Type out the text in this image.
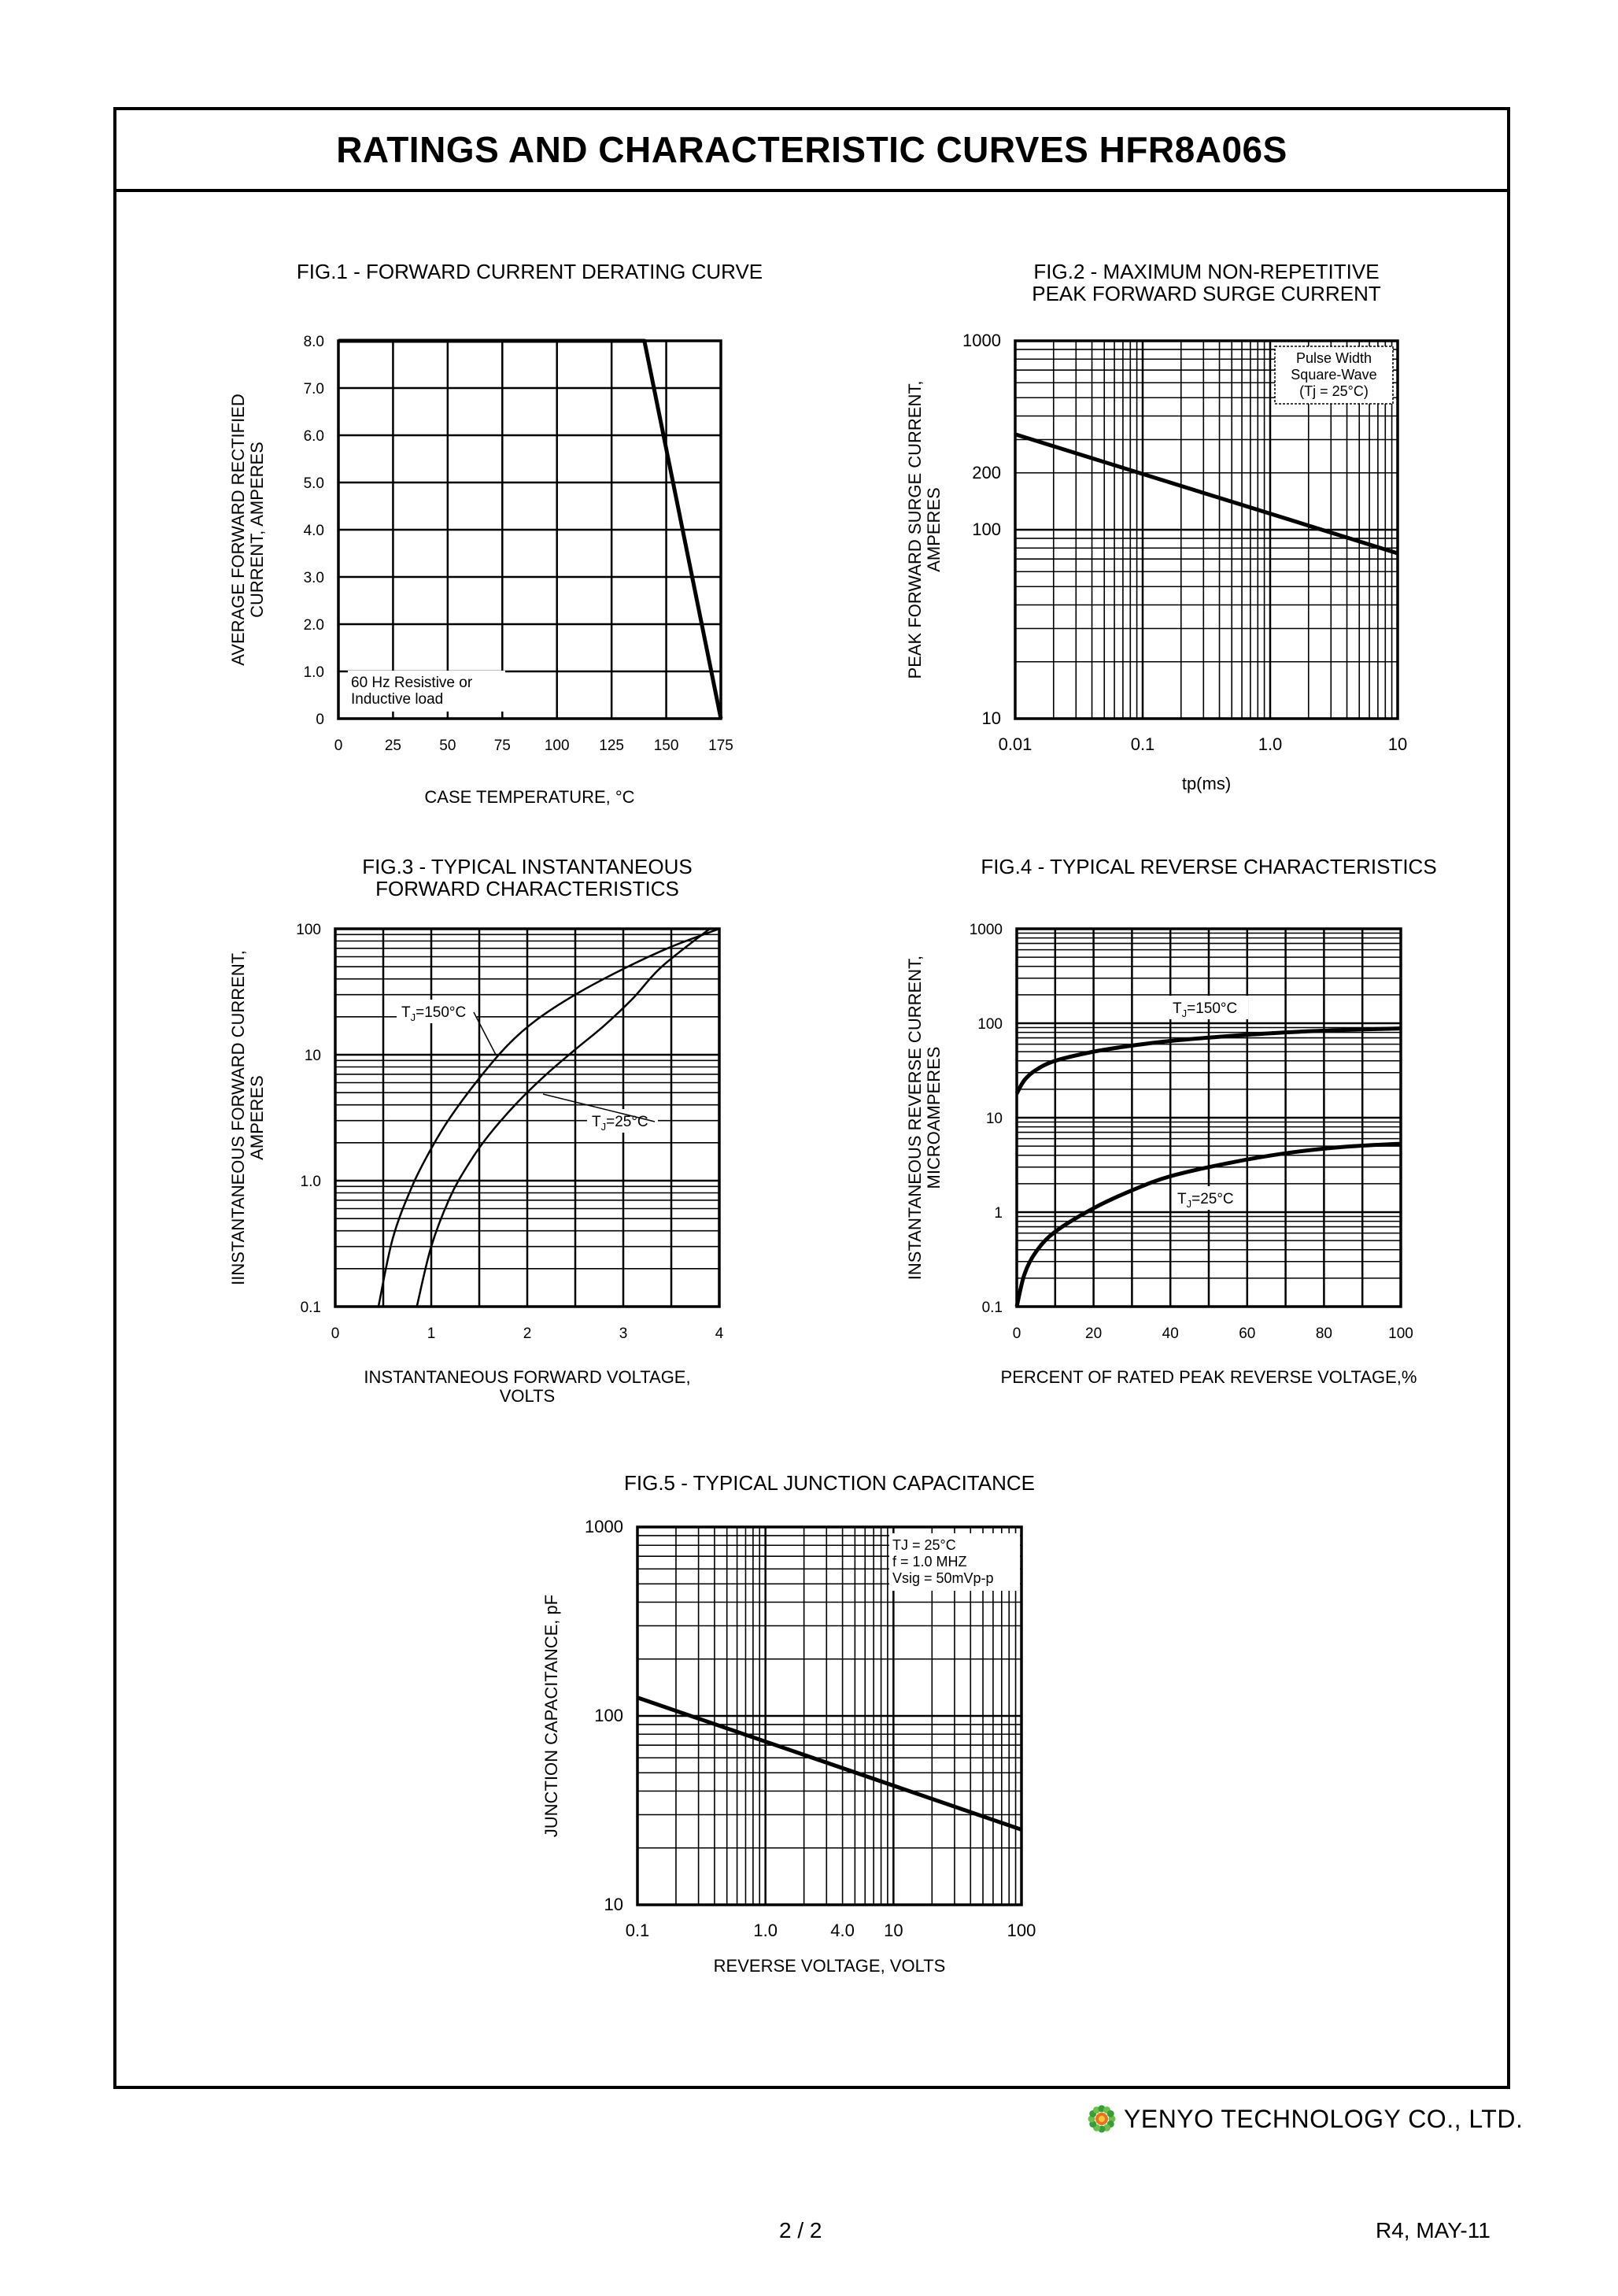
RATINGS AND CHARACTERISTIC CURVES HFR8A06S
FIG.1 - FORWARD CURRENT DERATING CURVE
0	25	50	75 100 125 150 175
0
1.0
2.0
3.0
4.0
5.0
6.0
7.0
8.0
CASE TEMPERATURE, °C
AVERAGE FORWARD RECTIFIED CURRENT, AMPERES
60 Hz Resistive or
Inductive load
FIG.2 - MAXIMUM NON-REPETITIVE
PEAK FORWARD SURGE CURRENT
0.01	0.1	1.0	10
10
100
200
1000
tp(ms)
PEAK FORWARD SURGE CURRENT, AMPERES
Pulse Width
Square-Wave
(Tj = 25°C)
FIG.3 - TYPICAL INSTANTANEOUS
FORWARD CHARACTERISTICS
0	1	2	3	4
0.1
1.0
10
100
INSTANTANEOUS FORWARD VOLTAGE,
VOLTS
IINSTANTANEOUS FORWARD CURRENT, AMPERES
$T_J=150^\circ C$
$T_J=25^\circ C$
FIG.4 - TYPICAL REVERSE CHARACTERISTICS
0	20	40	60	80	100
0.1
1
10
100
1000
PERCENT OF RATED PEAK REVERSE VOLTAGE,%
INSTANTANEOUS REVERSE CURRENT, MICROAMPERES
$T_J=150^\circ C$
$T_J=25^\circ C$
FIG.5 - TYPICAL JUNCTION CAPACITANCE
0.1	1.0	4.0 10	100
10
100
1000
REVERSE VOLTAGE, VOLTS
JUNCTION CAPACITANCE, pF
TJ = 25°C
f = 1.0 MHZ
Vsig = 50mVp-p
YENYO TECHNOLOGY CO., LTD.
2 / 2	R4, MAY-11
